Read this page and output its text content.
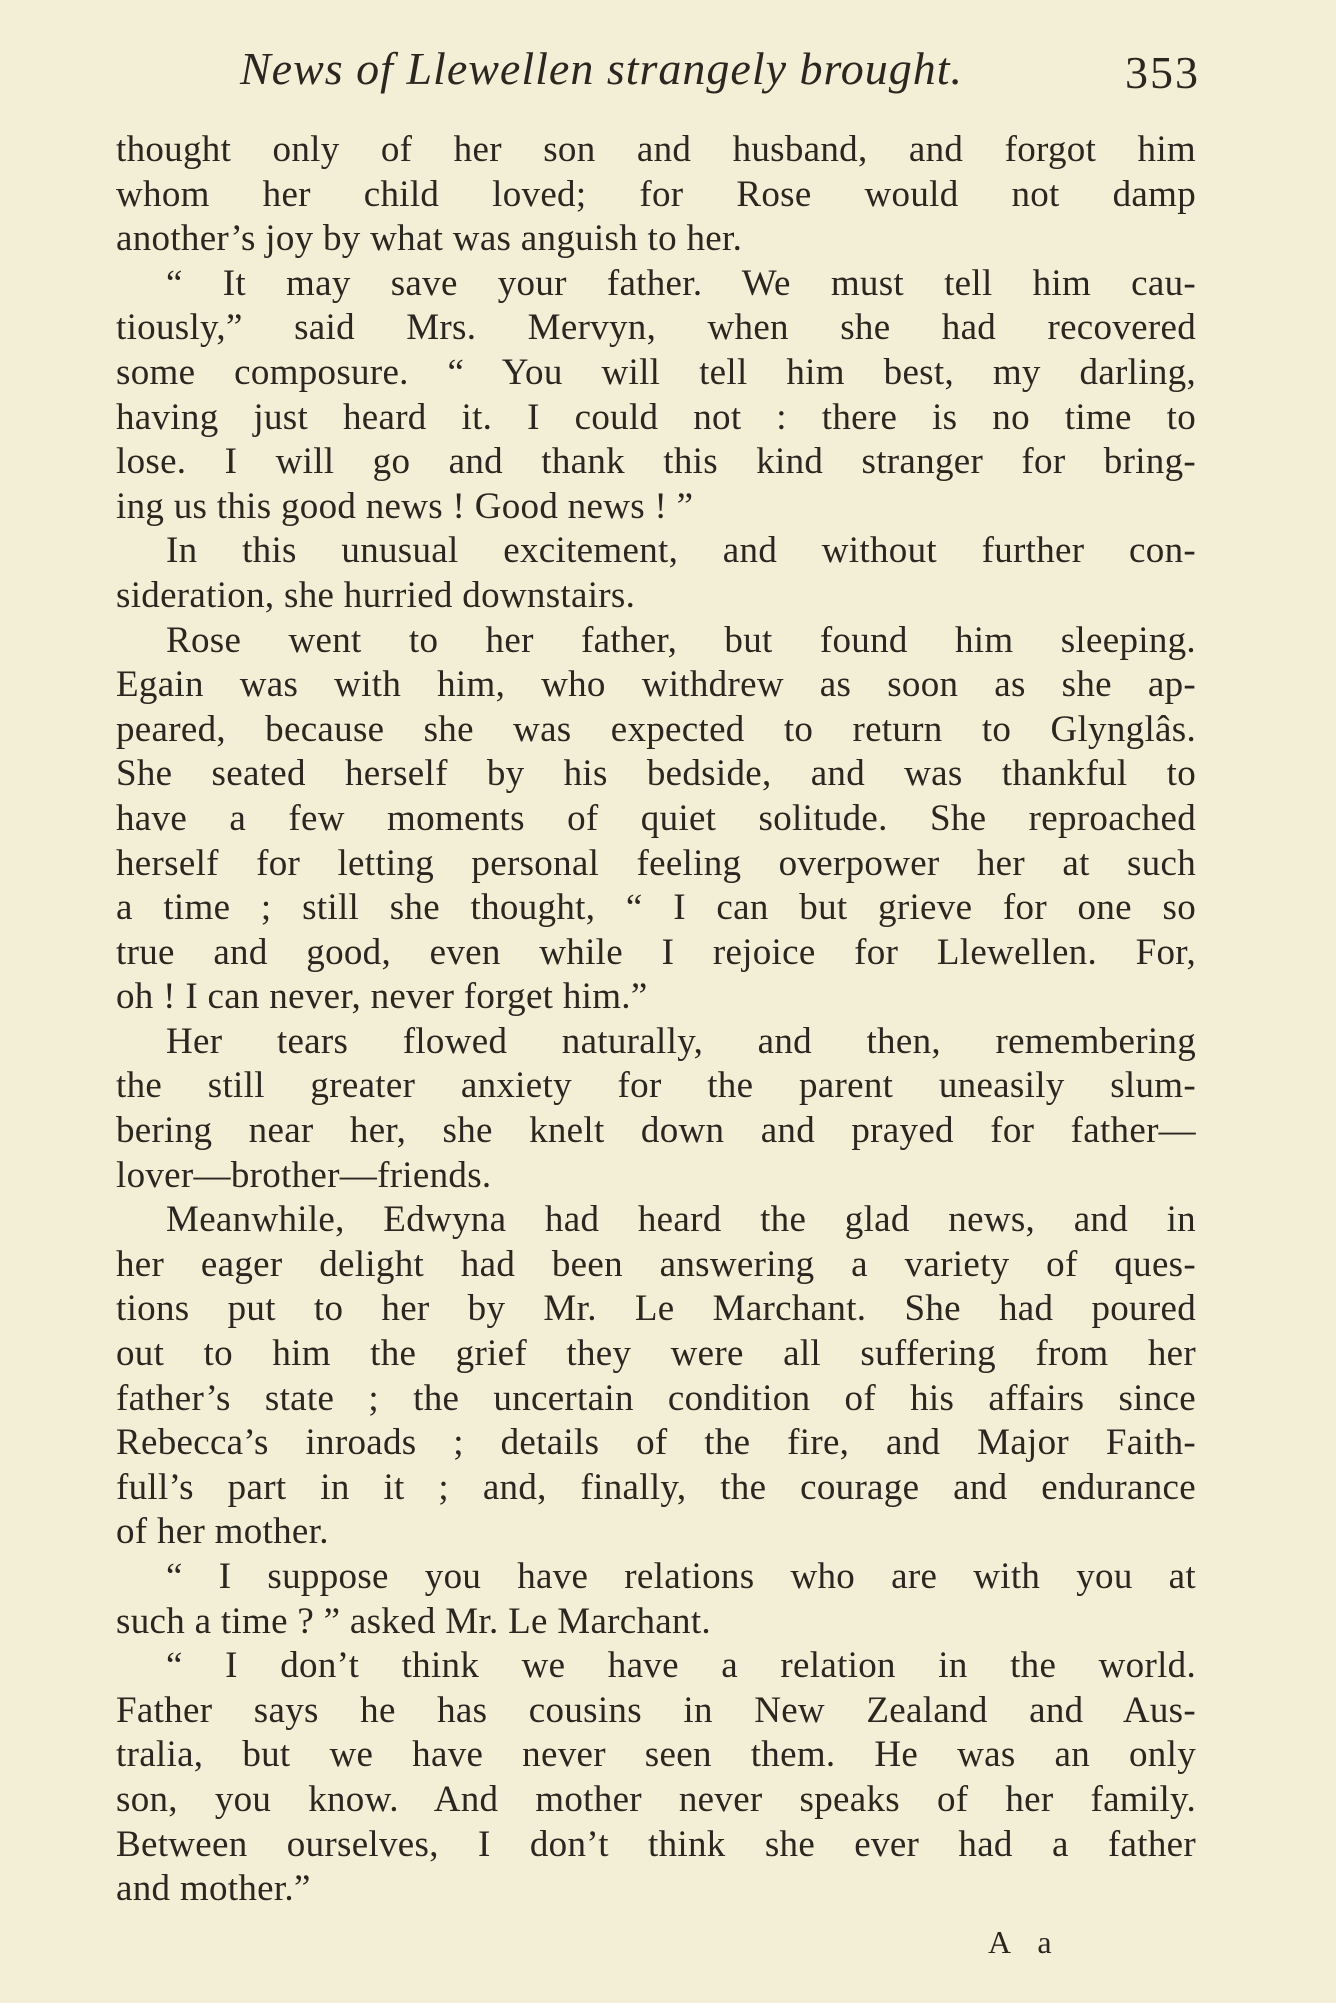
News of Llewellen strangely brought.	353
thought only of her son and husband, and forgot him
whom her child loved; for Rose would not damp
another’s joy by what was anguish to her.
“ It may save your father. We must tell him cau-
tiously,” said Mrs. Mervyn, when she had recovered
some composure. “ You will tell him best, my darling,
having just heard it. I could not : there is no time to
lose. I will go and thank this kind stranger for bring-
ing us this good news ! Good news ! ”
In this unusual excitement, and without further con-
sideration, she hurried downstairs.
Rose went to her father, but found him sleeping.
Egain was with him, who withdrew as soon as she ap-
peared, because she was expected to return to Glynglâs.
She seated herself by his bedside, and was thankful to
have a few moments of quiet solitude. She reproached
herself for letting personal feeling overpower her at such
a time ; still she thought, “ I can but grieve for one so
true and good, even while I rejoice for Llewellen. For,
oh ! I can never, never forget him.”
Her tears flowed naturally, and then, remembering
the still greater anxiety for the parent uneasily slum-
bering near her, she knelt down and prayed for father—
lover—brother—friends.
Meanwhile, Edwyna had heard the glad news, and in
her eager delight had been answering a variety of ques-
tions put to her by Mr. Le Marchant. She had poured
out to him the grief they were all suffering from her
father’s state ; the uncertain condition of his affairs since
Rebecca’s inroads ; details of the fire, and Major Faith-
full’s part in it ; and, finally, the courage and endurance
of her mother.
“ I suppose you have relations who are with you at
such a time ? ” asked Mr. Le Marchant.
“ I don’t think we have a relation in the world.
Father says he has cousins in New Zealand and Aus-
tralia, but we have never seen them. He was an only
son, you know. And mother never speaks of her family.
Between ourselves, I don’t think she ever had a father
and mother.”
A a
